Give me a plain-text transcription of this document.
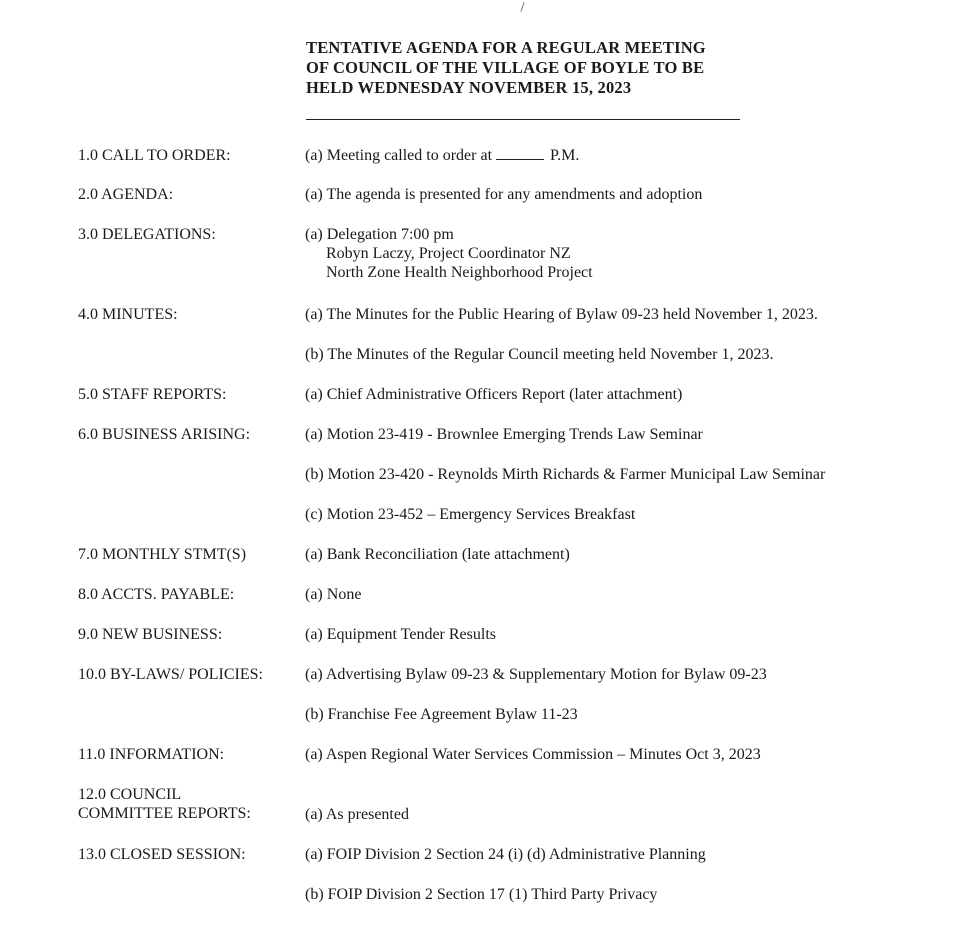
TENTATIVE AGENDA FOR A REGULAR MEETING
OF COUNCIL OF THE VILLAGE OF BOYLE TO BE
HELD WEDNESDAY NOVEMBER 15, 2023
1.0 CALL TO ORDER:	(a) Meeting called to order at	P.M.
2.0 AGENDA:	(a) The agenda is presented for any amendments and adoption
3.0 DELEGATIONS:	(a) Delegation 7:00 pm
Robyn Laczy, Project Coordinator NZ
North Zone Health Neighborhood Project
4.0 MINUTES:	(a) The Minutes for the Public Hearing of Bylaw 09-23 held November 1, 2023.
(b) The Minutes of the Regular Council meeting held November 1, 2023.
5.0 STAFF REPORTS:	(a) Chief Administrative Officers Report (later attachment)
6.0 BUSINESS ARISING:	(a) Motion 23-419 - Brownlee Emerging Trends Law Seminar
(b) Motion 23-420 - Reynolds Mirth Richards & Farmer Municipal Law Seminar
(c) Motion 23-452 – Emergency Services Breakfast
7.0 MONTHLY STMT(S)	(a) Bank Reconciliation (late attachment)
8.0 ACCTS. PAYABLE:	(a) None
9.0 NEW BUSINESS:	(a) Equipment Tender Results
10.0 BY-LAWS/ POLICIES:	(a) Advertising Bylaw 09-23 & Supplementary Motion for Bylaw 09-23
(b) Franchise Fee Agreement Bylaw 11-23
11.0 INFORMATION:	(a) Aspen Regional Water Services Commission – Minutes Oct 3, 2023
12.0 COUNCIL
COMMITTEE REPORTS:	(a) As presented
13.0 CLOSED SESSION:	(a) FOIP Division 2 Section 24 (i) (d) Administrative Planning
(b) FOIP Division 2 Section 17 (1) Third Party Privacy
